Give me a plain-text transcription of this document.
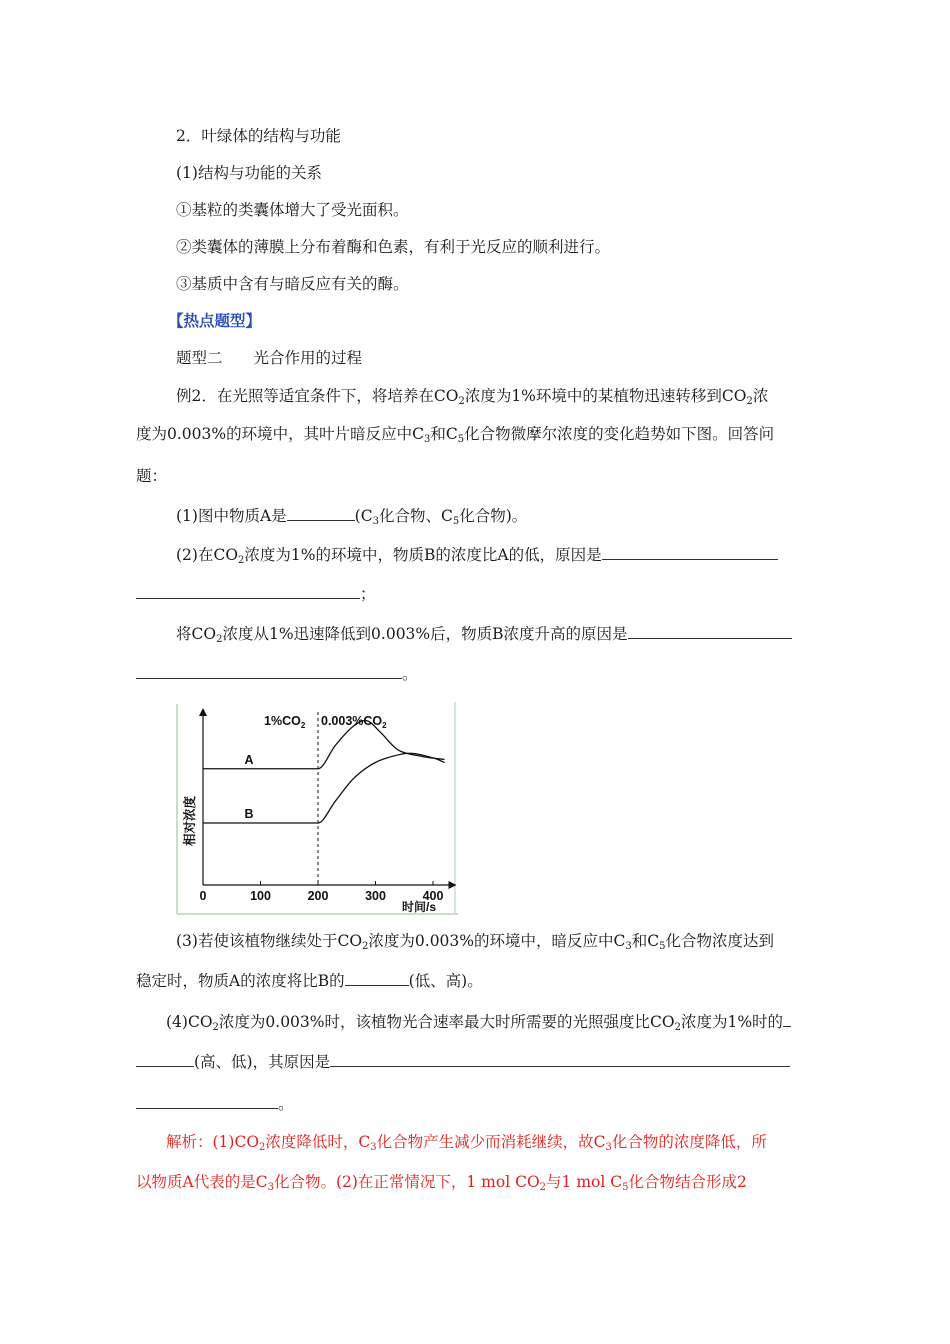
2．叶绿体的结构与功能
(1)结构与功能的关系
①基粒的类囊体增大了受光面积。
②类囊体的薄膜上分布着酶和色素，有利于光反应的顺利进行。
③基质中含有与暗反应有关的酶。
【热点题型】
题型二　　光合作用的过程
例2．在光照等适宜条件下，将培养在$CO_2$浓度为1%环境中的某植物迅速转移到$CO_2$浓
度为0.003%的环境中，其叶片暗反应中$C_3$和$C_5$化合物微摩尔浓度的变化趋势如下图。回答问
题：
(1)图中物质A是	($C_3$化合物、$C_5$化合物)。
(2)在$CO_2$浓度为1%的环境中，物质B的浓度比A的低，原因是
；
将$CO_2$浓度从1%迅速降低到0.003%后，物质B浓度升高的原因是
。
0	100	200	300	400
A
B
$1\%CO_2$ $0.003\%CO_2$
时间/s
相对浓度
(3)若使该植物继续处于$CO_2$浓度为0.003%的环境中，暗反应中$C_3$和$C_5$化合物浓度达到
稳定时，物质A的浓度将比B的	(低、高)。
$(4)CO_2$浓度为0.003%时，该植物光合速率最大时所需要的光照强度比$CO_2$浓度为1%时的
(高、低)，其原因是
。
解析：$(1)CO_2$浓度降低时，$C_3$化合物产生减少而消耗继续，故$C_3$化合物的浓度降低，所
以物质A代表的是$C_3$化合物。(2)在正常情况下，1 mol $CO_2$与1 mol $C_5$化合物结合形成2
